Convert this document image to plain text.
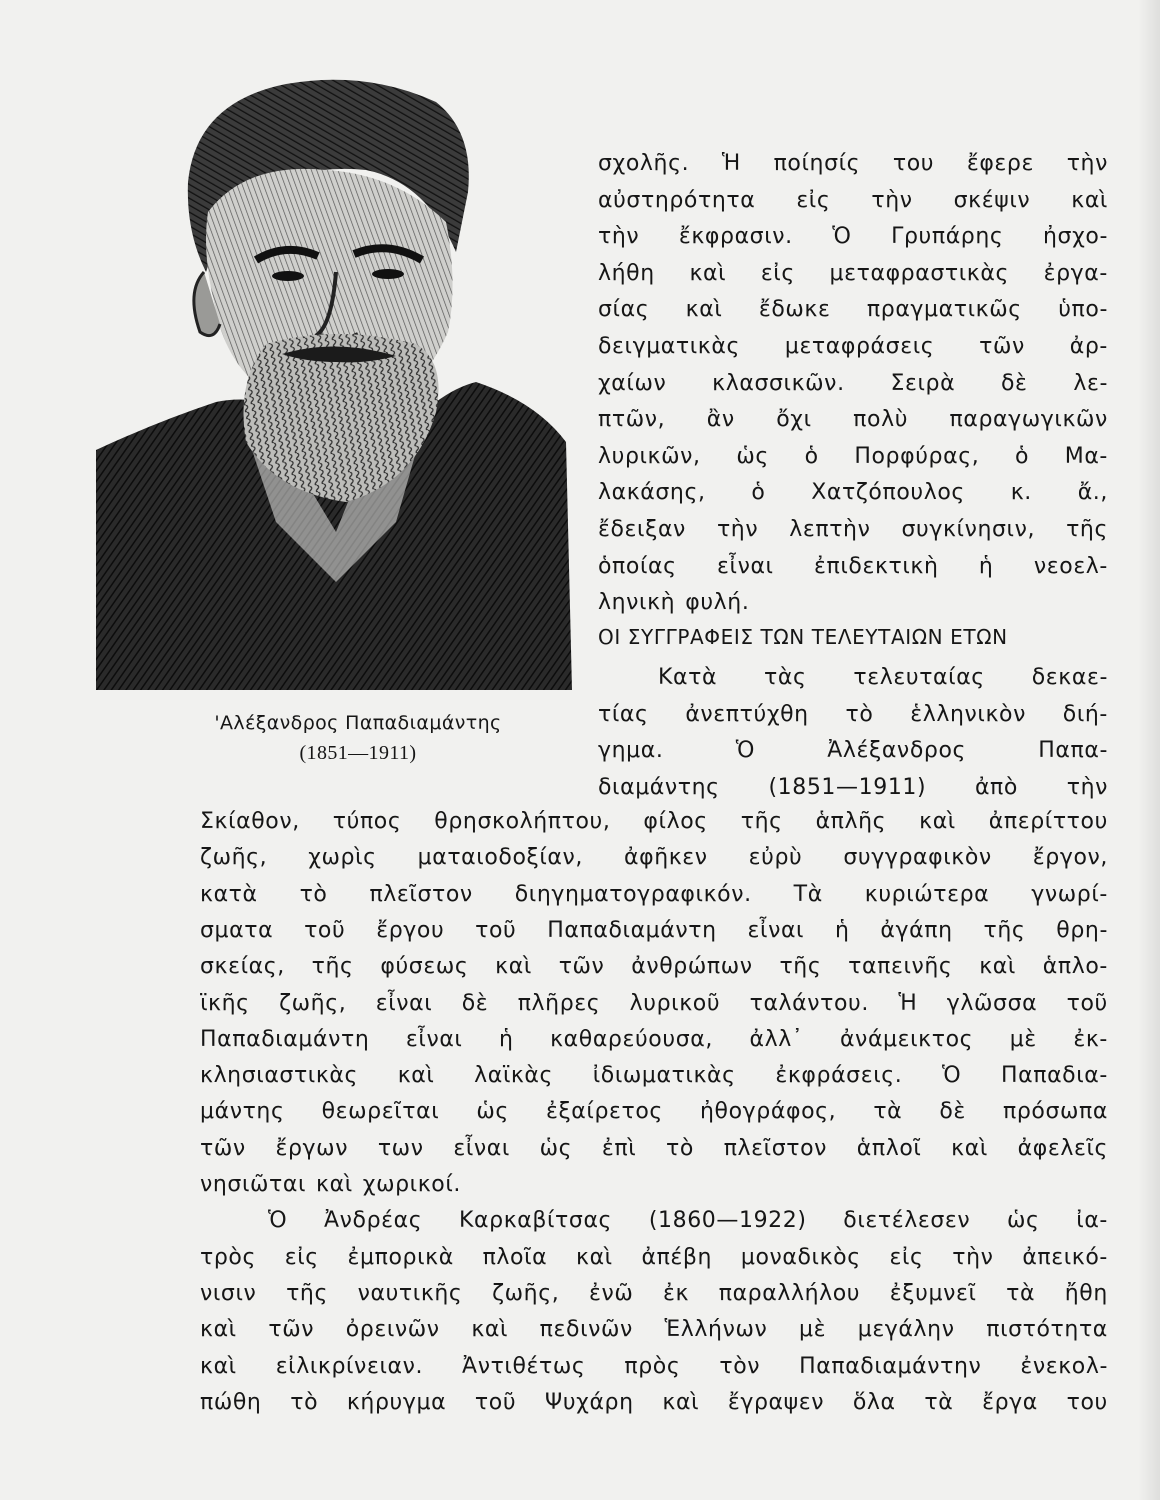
'Αλέξανδρος Παπαδιαμάντης
(1851—1911)
σχολῆς. Ἡ ποίησίς του ἔφερε τὴν
αὐστηρότητα εἰς τὴν σκέψιν καὶ
τὴν ἔκφρασιν. Ὁ Γρυπάρης ἠσχο-
λήθη καὶ εἰς μεταφραστικὰς ἐργα-
σίας καὶ ἔδωκε πραγματικῶς ὑπο-
δειγματικὰς μεταφράσεις τῶν ἀρ-
χαίων κλασσικῶν. Σειρὰ δὲ λε-
πτῶν, ἂν ὄχι πολὺ παραγωγικῶν
λυρικῶν, ὡς ὁ Πορφύρας, ὁ Μα-
λακάσης, ὁ Χατζόπουλος κ. ἄ.,
ἔδειξαν τὴν λεπτὴν συγκίνησιν, τῆς
ὁποίας εἶναι ἐπιδεκτικὴ ἡ νεοελ-
ληνικὴ φυλή.
ΟΙ ΣΥΓΓΡΑΦΕΙΣ ΤΩΝ ΤΕΛΕΥΤΑΙΩΝ ΕΤΩΝ
Κατὰ τὰς τελευταίας δεκαε-
τίας ἀνεπτύχθη τὸ ἑλληνικὸν διή-
γημα.	Ὁ	Ἀλέξανδρος	Παπα-
διαμάντης (1851—1911) ἀπὸ τὴν
Σκίαθον, τύπος θρησκολήπτου, φίλος τῆς ἁπλῆς καὶ ἀπερίττου
ζωῆς, χωρὶς ματαιοδοξίαν, ἀφῆκεν εὐρὺ συγγραφικὸν ἔργον,
κατὰ τὸ πλεῖστον διηγηματογραφικόν. Τὰ κυριώτερα γνωρί-
σματα τοῦ ἔργου τοῦ Παπαδιαμάντη εἶναι ἡ ἀγάπη τῆς θρη-
σκείας, τῆς φύσεως καὶ τῶν ἀνθρώπων τῆς ταπεινῆς καὶ ἁπλο-
ϊκῆς ζωῆς, εἶναι δὲ πλῆρες λυρικοῦ ταλάντου. Ἡ γλῶσσα τοῦ
Παπαδιαμάντη εἶναι ἡ καθαρεύουσα, ἀλλ᾽ ἀνάμεικτος μὲ ἐκ-
κλησιαστικὰς καὶ λαϊκὰς ἰδιωματικὰς ἐκφράσεις. Ὁ Παπαδια-
μάντης θεωρεῖται ὡς ἐξαίρετος ἠθογράφος, τὰ δὲ πρόσωπα
τῶν ἔργων των εἶναι ὡς ἐπὶ τὸ πλεῖστον ἁπλοῖ καὶ ἀφελεῖς
νησιῶται καὶ χωρικοί.
Ὁ Ἀνδρέας Καρκαβίτσας (1860—1922) διετέλεσεν ὡς ἰα-
τρὸς εἰς ἐμπορικὰ πλοῖα καὶ ἀπέβη μοναδικὸς εἰς τὴν ἀπεικό-
νισιν τῆς ναυτικῆς ζωῆς, ἐνῶ ἐκ παραλλήλου ἐξυμνεῖ τὰ ἤθη
καὶ τῶν ὀρεινῶν καὶ πεδινῶν Ἑλλήνων μὲ μεγάλην πιστότητα
καὶ εἰλικρίνειαν. Ἀντιθέτως πρὸς τὸν Παπαδιαμάντην ἐνεκολ-
πώθη τὸ κήρυγμα τοῦ Ψυχάρη καὶ ἔγραψεν ὅλα τὰ ἔργα του
